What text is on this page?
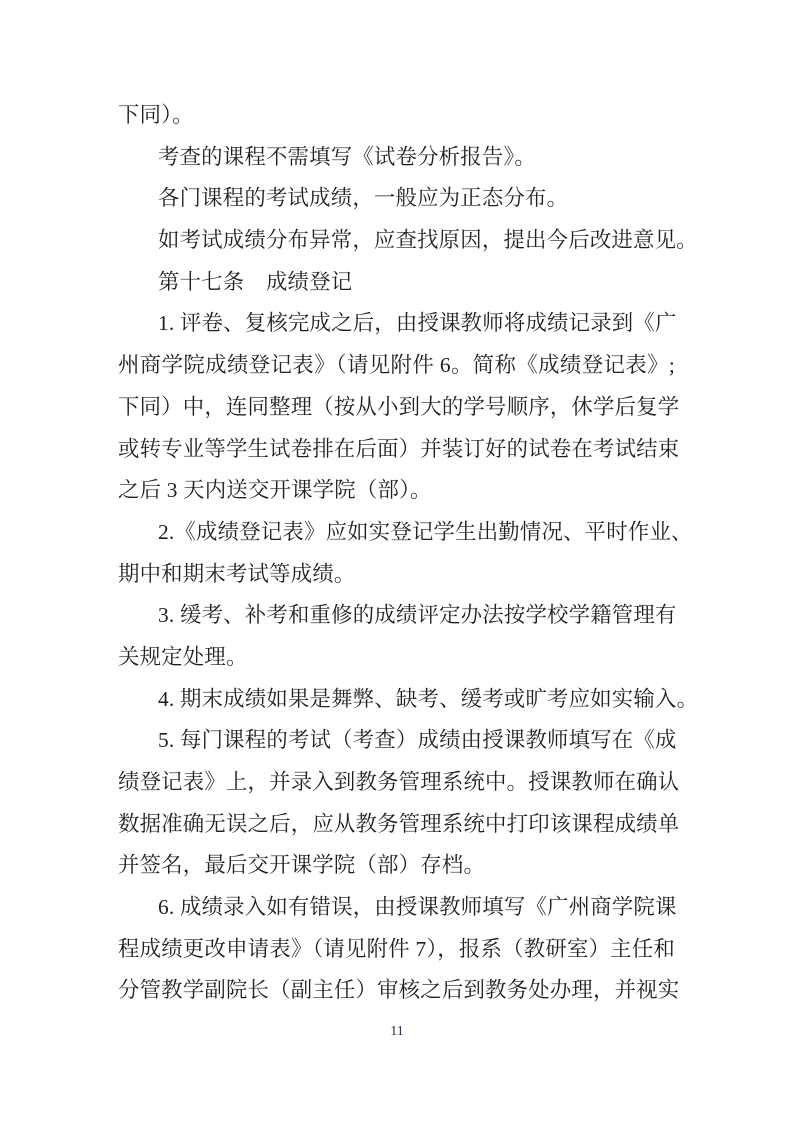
下同）。
考查的课程不需填写《试卷分析报告》。
各门课程的考试成绩，一般应为正态分布。
如考试成绩分布异常，应查找原因，提出今后改进意见。
第十七条　成绩登记
1. 评卷、复核完成之后，由授课教师将成绩记录到《广
州商学院成绩登记表》（请见附件 6。简称《成绩登记表》;
下同）中，连同整理（按从小到大的学号顺序，休学后复学
或转专业等学生试卷排在后面）并装订好的试卷在考试结束
之后 3 天内送交开课学院（部）。
2.《成绩登记表》应如实登记学生出勤情况、平时作业、
期中和期末考试等成绩。
3. 缓考、补考和重修的成绩评定办法按学校学籍管理有
关规定处理。
4. 期末成绩如果是舞弊、缺考、缓考或旷考应如实输入。
5. 每门课程的考试（考查）成绩由授课教师填写在《成
绩登记表》上，并录入到教务管理系统中。授课教师在确认
数据准确无误之后，应从教务管理系统中打印该课程成绩单
并签名，最后交开课学院（部）存档。
6. 成绩录入如有错误，由授课教师填写《广州商学院课
程成绩更改申请表》（请见附件 7），报系（教研室）主任和
分管教学副院长（副主任）审核之后到教务处办理，并视实
11
